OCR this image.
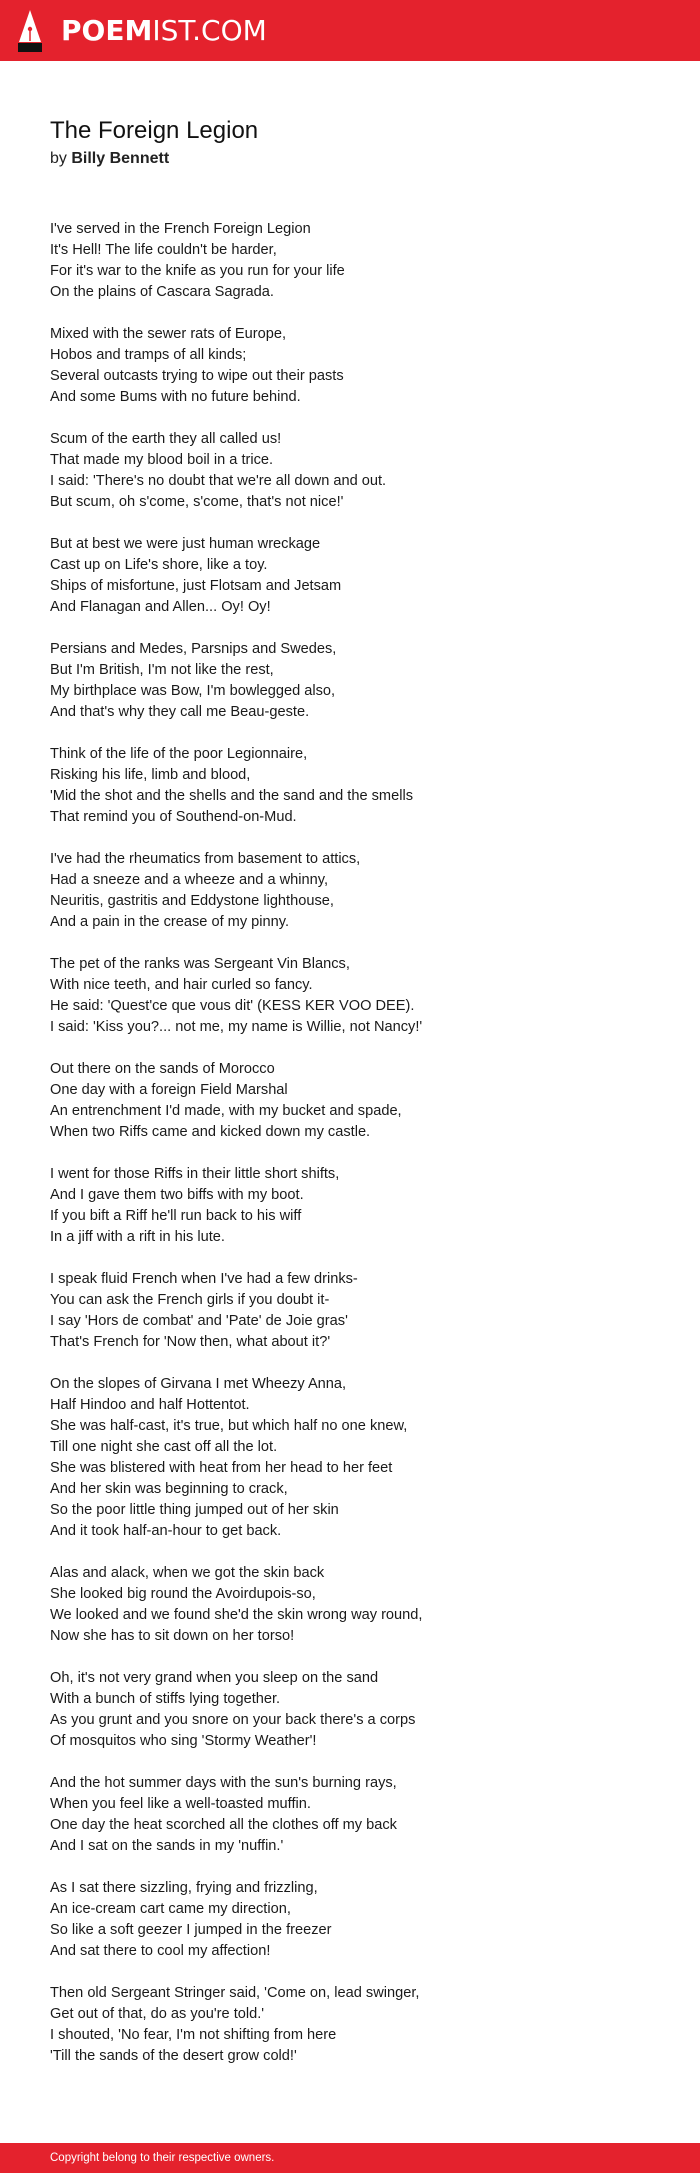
POEMIST.COM
The Foreign Legion
by Billy Bennett
I've served in the French Foreign Legion
It's Hell! The life couldn't be harder,
For it's war to the knife as you run for your life
On the plains of Cascara Sagrada.
Mixed with the sewer rats of Europe,
Hobos and tramps of all kinds;
Several outcasts trying to wipe out their pasts
And some Bums with no future behind.
Scum of the earth they all called us!
That made my blood boil in a trice.
I said: 'There's no doubt that we're all down and out.
But scum, oh s'come, s'come, that's not nice!'
But at best we were just human wreckage
Cast up on Life's shore, like a toy.
Ships of misfortune, just Flotsam and Jetsam
And Flanagan and Allen... Oy! Oy!
Persians and Medes, Parsnips and Swedes,
But I'm British, I'm not like the rest,
My birthplace was Bow, I'm bowlegged also,
And that's why they call me Beau-geste.
Think of the life of the poor Legionnaire,
Risking his life, limb and blood,
'Mid the shot and the shells and the sand and the smells
That remind you of Southend-on-Mud.
I've had the rheumatics from basement to attics,
Had a sneeze and a wheeze and a whinny,
Neuritis, gastritis and Eddystone lighthouse,
And a pain in the crease of my pinny.
The pet of the ranks was Sergeant Vin Blancs,
With nice teeth, and hair curled so fancy.
He said: 'Quest'ce que vous dit' (KESS KER VOO DEE).
I said: 'Kiss you?... not me, my name is Willie, not Nancy!'
Out there on the sands of Morocco
One day with a foreign Field Marshal
An entrenchment I'd made, with my bucket and spade,
When two Riffs came and kicked down my castle.
I went for those Riffs in their little short shifts,
And I gave them two biffs with my boot.
If you bift a Riff he'll run back to his wiff
In a jiff with a rift in his lute.
I speak fluid French when I've had a few drinks-
You can ask the French girls if you doubt it-
I say 'Hors de combat' and 'Pate' de Joie gras'
That's French for 'Now then, what about it?'
On the slopes of Girvana I met Wheezy Anna,
Half Hindoo and half Hottentot.
She was half-cast, it's true, but which half no one knew,
Till one night she cast off all the lot.
She was blistered with heat from her head to her feet
And her skin was beginning to crack,
So the poor little thing jumped out of her skin
And it took half-an-hour to get back.
Alas and alack, when we got the skin back
She looked big round the Avoirdupois-so,
We looked and we found she'd the skin wrong way round,
Now she has to sit down on her torso!
Oh, it's not very grand when you sleep on the sand
With a bunch of stiffs lying together.
As you grunt and you snore on your back there's a corps
Of mosquitos who sing 'Stormy Weather'!
And the hot summer days with the sun's burning rays,
When you feel like a well-toasted muffin.
One day the heat scorched all the clothes off my back
And I sat on the sands in my 'nuffin.'
As I sat there sizzling, frying and frizzling,
An ice-cream cart came my direction,
So like a soft geezer I jumped in the freezer
And sat there to cool my affection!
Then old Sergeant Stringer said, 'Come on, lead swinger,
Get out of that, do as you're told.'
I shouted, 'No fear, I'm not shifting from here
'Till the sands of the desert grow cold!'
Copyright belong to their respective owners.
